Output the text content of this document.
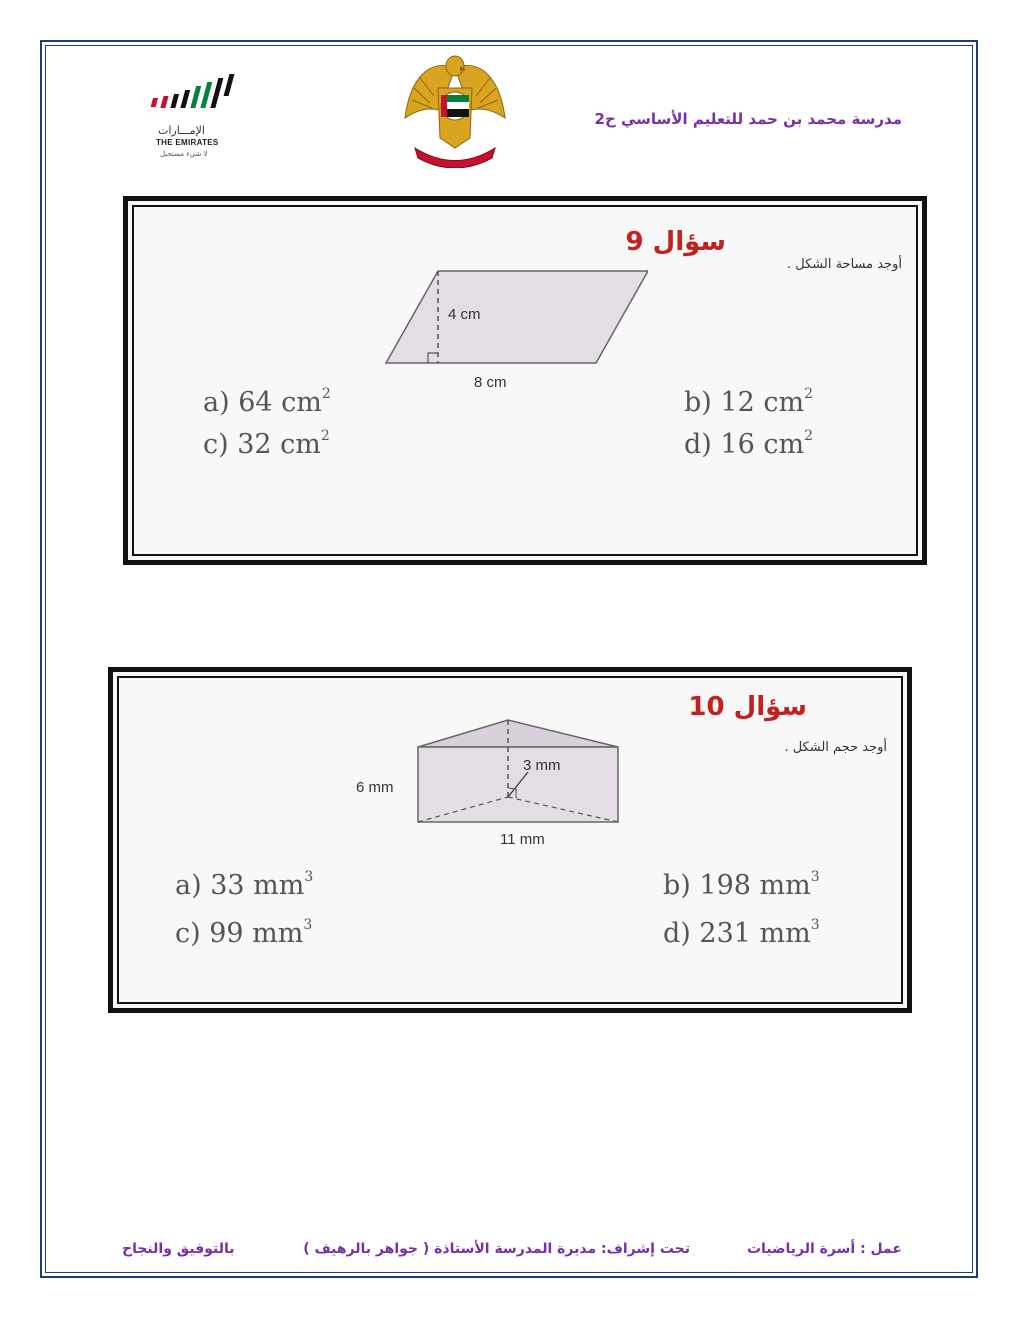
الإمـــارات
THE EMIRATES
لا شيء مستحيل
مدرسة محمد بن حمد للتعليم الأساسي ح2
سؤال 9
أوجد مساحة الشكل .
4 cm
8 cm
a) 64 $cm^2$	b) 12 $cm^2$
c) 32 $cm^2$	d) 16 $cm^2$
سؤال 10
أوجد حجم الشكل .
3 mm
6 mm
11 mm
a) 33 $mm^3$	b) 198 $mm^3$
c) 99 $mm^3$	d) 231 $mm^3$
عمل : أسرة الرياضيات
تحت إشراف: مديرة المدرسة الأستاذة ( جواهر بالرهيف )
بالتوفيق والنجاح
